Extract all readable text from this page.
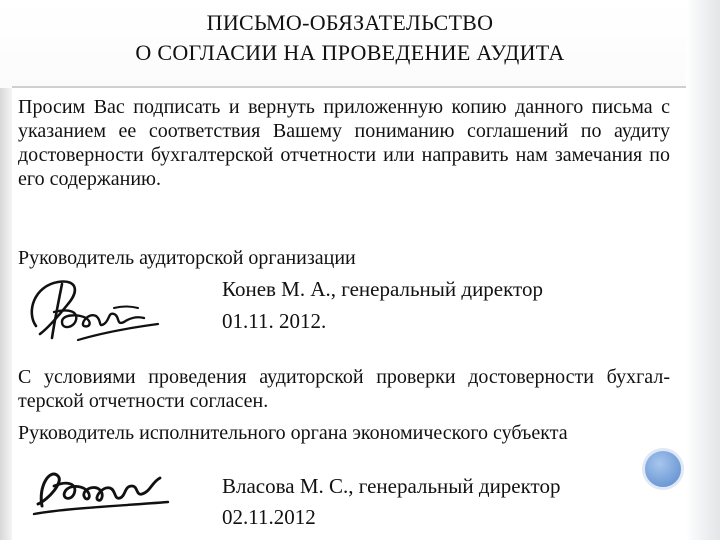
ПИСЬМО-ОБЯЗАТЕЛЬСТВО
О СОГЛАСИИ НА ПРОВЕДЕНИЕ АУДИТА
Просим Вас подписать и вернуть приложенную копию данного письма с указанием ее соответствия Вашему пониманию соглашений по аудиту достоверности бухгалтерской отчетности или направить нам замечания по его содержанию.
Руководитель аудиторской организации
Конев М. А., генеральный директор
01.11. 2012.
С условиями проведения аудиторской проверки достоверности бухгал-терской отчетности согласен.
Руководитель исполнительного органа экономического субъекта
Власова М. С., генеральный директор
02.11.2012
